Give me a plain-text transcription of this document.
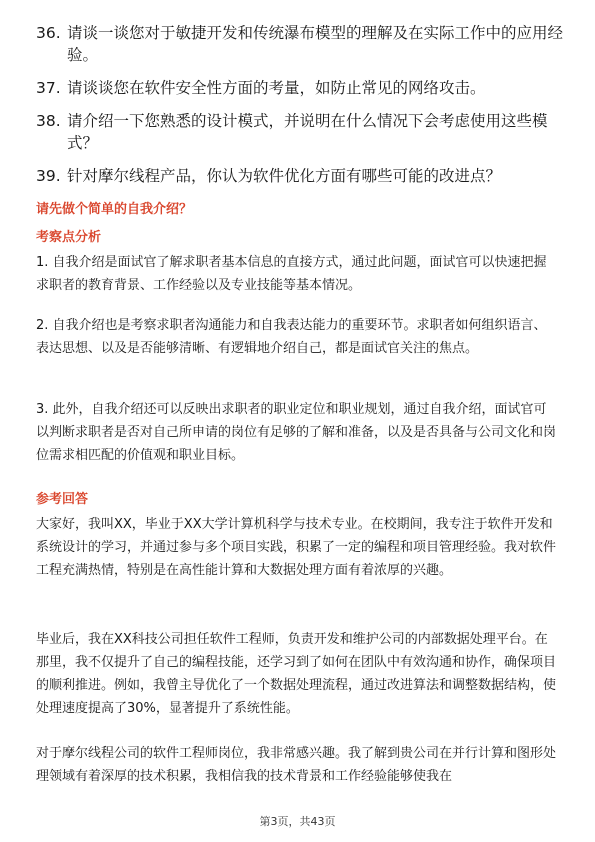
36. 请谈一谈您对于敏捷开发和传统瀑布模型的理解及在实际工作中的应用经验。
37. 请谈谈您在软件安全性方面的考量，如防止常见的网络攻击。
38. 请介绍一下您熟悉的设计模式，并说明在什么情况下会考虑使用这些模式？
39. 针对摩尔线程产品，你认为软件优化方面有哪些可能的改进点？
请先做个简单的自我介绍？
考察点分析
1. 自我介绍是面试官了解求职者基本信息的直接方式，通过此问题，面试官可以快速把握求职者的教育背景、工作经验以及专业技能等基本情况。
2. 自我介绍也是考察求职者沟通能力和自我表达能力的重要环节。求职者如何组织语言、表达思想、以及是否能够清晰、有逻辑地介绍自己，都是面试官关注的焦点。
3. 此外，自我介绍还可以反映出求职者的职业定位和职业规划，通过自我介绍，面试官可以判断求职者是否对自己所申请的岗位有足够的了解和准备，以及是否具备与公司文化和岗位需求相匹配的价值观和职业目标。
参考回答
大家好，我叫XX，毕业于XX大学计算机科学与技术专业。在校期间，我专注于软件开发和系统设计的学习，并通过参与多个项目实践，积累了一定的编程和项目管理经验。我对软件工程充满热情，特别是在高性能计算和大数据处理方面有着浓厚的兴趣。
毕业后，我在XX科技公司担任软件工程师，负责开发和维护公司的内部数据处理平台。在那里，我不仅提升了自己的编程技能，还学习到了如何在团队中有效沟通和协作，确保项目的顺利推进。例如，我曾主导优化了一个数据处理流程，通过改进算法和调整数据结构，使处理速度提高了30%，显著提升了系统性能。
对于摩尔线程公司的软件工程师岗位，我非常感兴趣。我了解到贵公司在并行计算和图形处理领域有着深厚的技术积累，我相信我的技术背景和工作经验能够使我在
第3页，共43页
